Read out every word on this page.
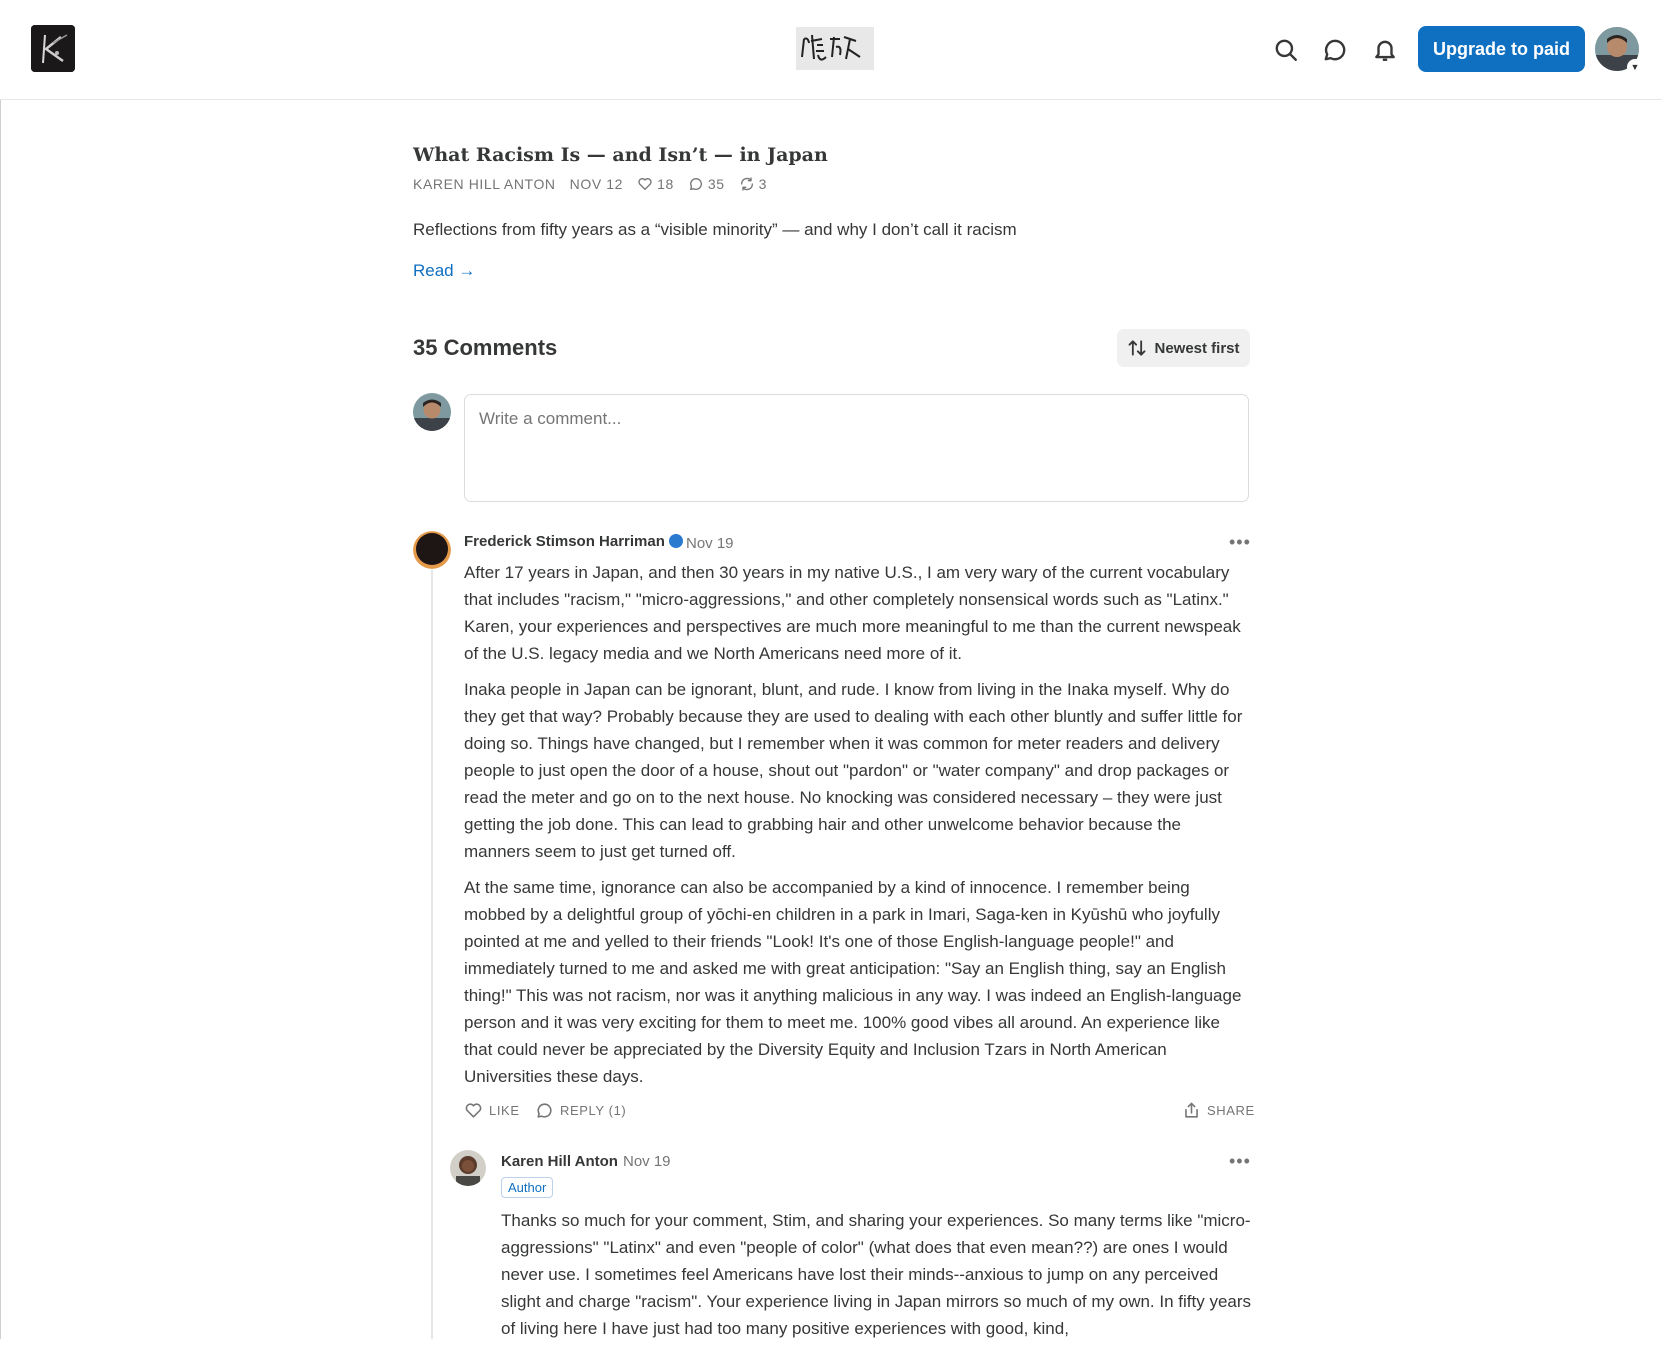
Upgrade to paid
▼
What Racism Is — and Isn’t — in Japan
KAREN HILL ANTON NOV 12 18 35 3
Reflections from fifty years as a “visible minority” — and why I don’t call it racism
Read →
35 Comments	Newest first
Write a comment...
Frederick Stimson Harriman	Nov 19	•••

After 17 years in Japan, and then 30 years in my native U.S., I am very wary of the current vocabulary that includes "racism," "micro-aggressions," and other completely nonsensical words such as "Latinx." Karen, your experiences and perspectives are much more meaningful to me than the current newspeak of the U.S. legacy media and we North Americans need more of it.

Inaka people in Japan can be ignorant, blunt, and rude. I know from living in the Inaka myself. Why do they get that way? Probably because they are used to dealing with each other bluntly and suffer little for doing so. Things have changed, but I remember when it was common for meter readers and delivery people to just open the door of a house, shout out "pardon" or "water company" and drop packages or read the meter and go on to the next house. No knocking was considered necessary – they were just getting the job done. This can lead to grabbing hair and other unwelcome behavior because the manners seem to just get turned off.

At the same time, ignorance can also be accompanied by a kind of innocence. I remember being mobbed by a delightful group of yōchi-en children in a park in Imari, Saga-ken in Kyūshū who joyfully pointed at me and yelled to their friends "Look! It's one of those English-language people!" and immediately turned to me and asked me with great anticipation: "Say an English thing, say an English thing!" This was not racism, nor was it anything malicious in any way. I was indeed an English-language person and it was very exciting for them to meet me. 100% good vibes all around. An experience like that could never be appreciated by the Diversity Equity and Inclusion Tzars in North American Universities these days.

LIKE	REPLY (1)	SHARE
Karen Hill Anton Nov 19	•••
Author

Thanks so much for your comment, Stim, and sharing your experiences. So many terms like "micro-aggressions" "Latinx" and even "people of color" (what does that even mean??) are ones I would never use. I sometimes feel Americans have lost their minds--anxious to jump on any perceived slight and charge "racism". Your experience living in Japan mirrors so much of my own. In fifty years of living here I have just had too many positive experiences with good, kind,
